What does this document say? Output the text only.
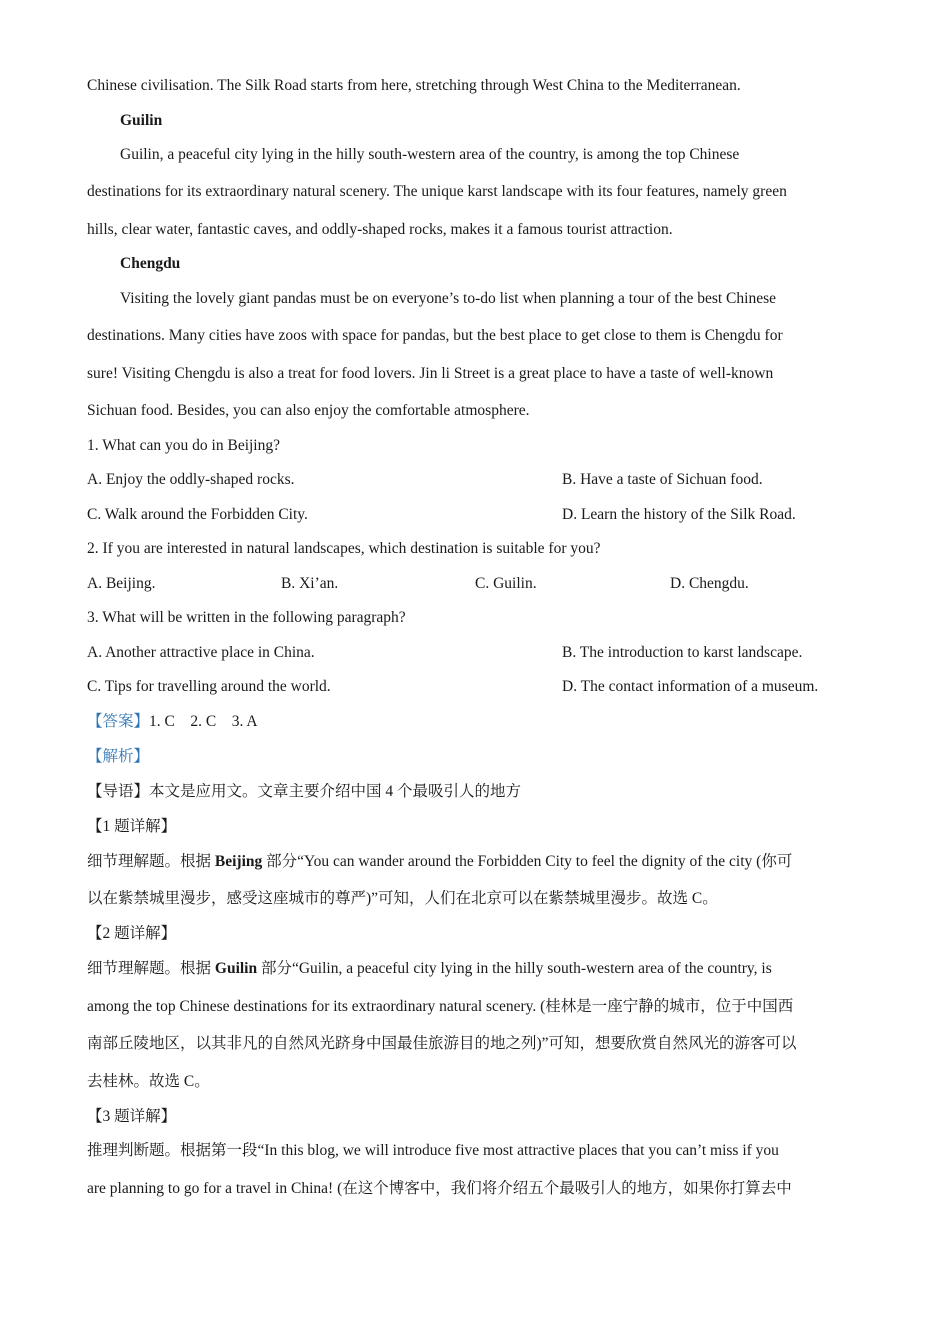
Chinese civilisation. The Silk Road starts from here, stretching through West China to the Mediterranean.
Guilin
Guilin, a peaceful city lying in the hilly south-western area of the country, is among the top Chinese
destinations for its extraordinary natural scenery. The unique karst landscape with its four features, namely green
hills, clear water, fantastic caves, and oddly-shaped rocks, makes it a famous tourist attraction.
Chengdu
Visiting the lovely giant pandas must be on everyone’s to-do list when planning a tour of the best Chinese
destinations. Many cities have zoos with space for pandas, but the best place to get close to them is Chengdu for
sure! Visiting Chengdu is also a treat for food lovers. Jin li Street is a great place to have a taste of well-known
Sichuan food. Besides, you can also enjoy the comfortable atmosphere.
1. What can you do in Beijing?
A. Enjoy the oddly-shaped rocks.	B. Have a taste of Sichuan food.
C. Walk around the Forbidden City.	D. Learn the history of the Silk Road.
2. If you are interested in natural landscapes, which destination is suitable for you?
A. Beijing.	B. Xi’an.	C. Guilin.	D. Chengdu.
3. What will be written in the following paragraph?
A. Another attractive place in China.	B. The introduction to karst landscape.
C. Tips for travelling around the world.	D. The contact information of a museum.
【答案】1. C    2. C    3. A
【解析】
【导语】本文是应用文。文章主要介绍中国 4 个最吸引人的地方
【1 题详解】
细节理解题。根据 Beijing 部分“You can wander around the Forbidden City to feel the dignity of the city (你可
以在紫禁城里漫步，感受这座城市的尊严)”可知，人们在北京可以在紫禁城里漫步。故选 C。
【2 题详解】
细节理解题。根据 Guilin 部分“Guilin, a peaceful city lying in the hilly south-western area of the country, is
among the top Chinese destinations for its extraordinary natural scenery. (桂林是一座宁静的城市，位于中国西
南部丘陵地区，以其非凡的自然风光跻身中国最佳旅游目的地之列)”可知，想要欣赏自然风光的游客可以
去桂林。故选 C。
【3 题详解】
推理判断题。根据第一段“In this blog, we will introduce five most attractive places that you can’t miss if you
are planning to go for a travel in China! (在这个博客中，我们将介绍五个最吸引人的地方，如果你打算去中
